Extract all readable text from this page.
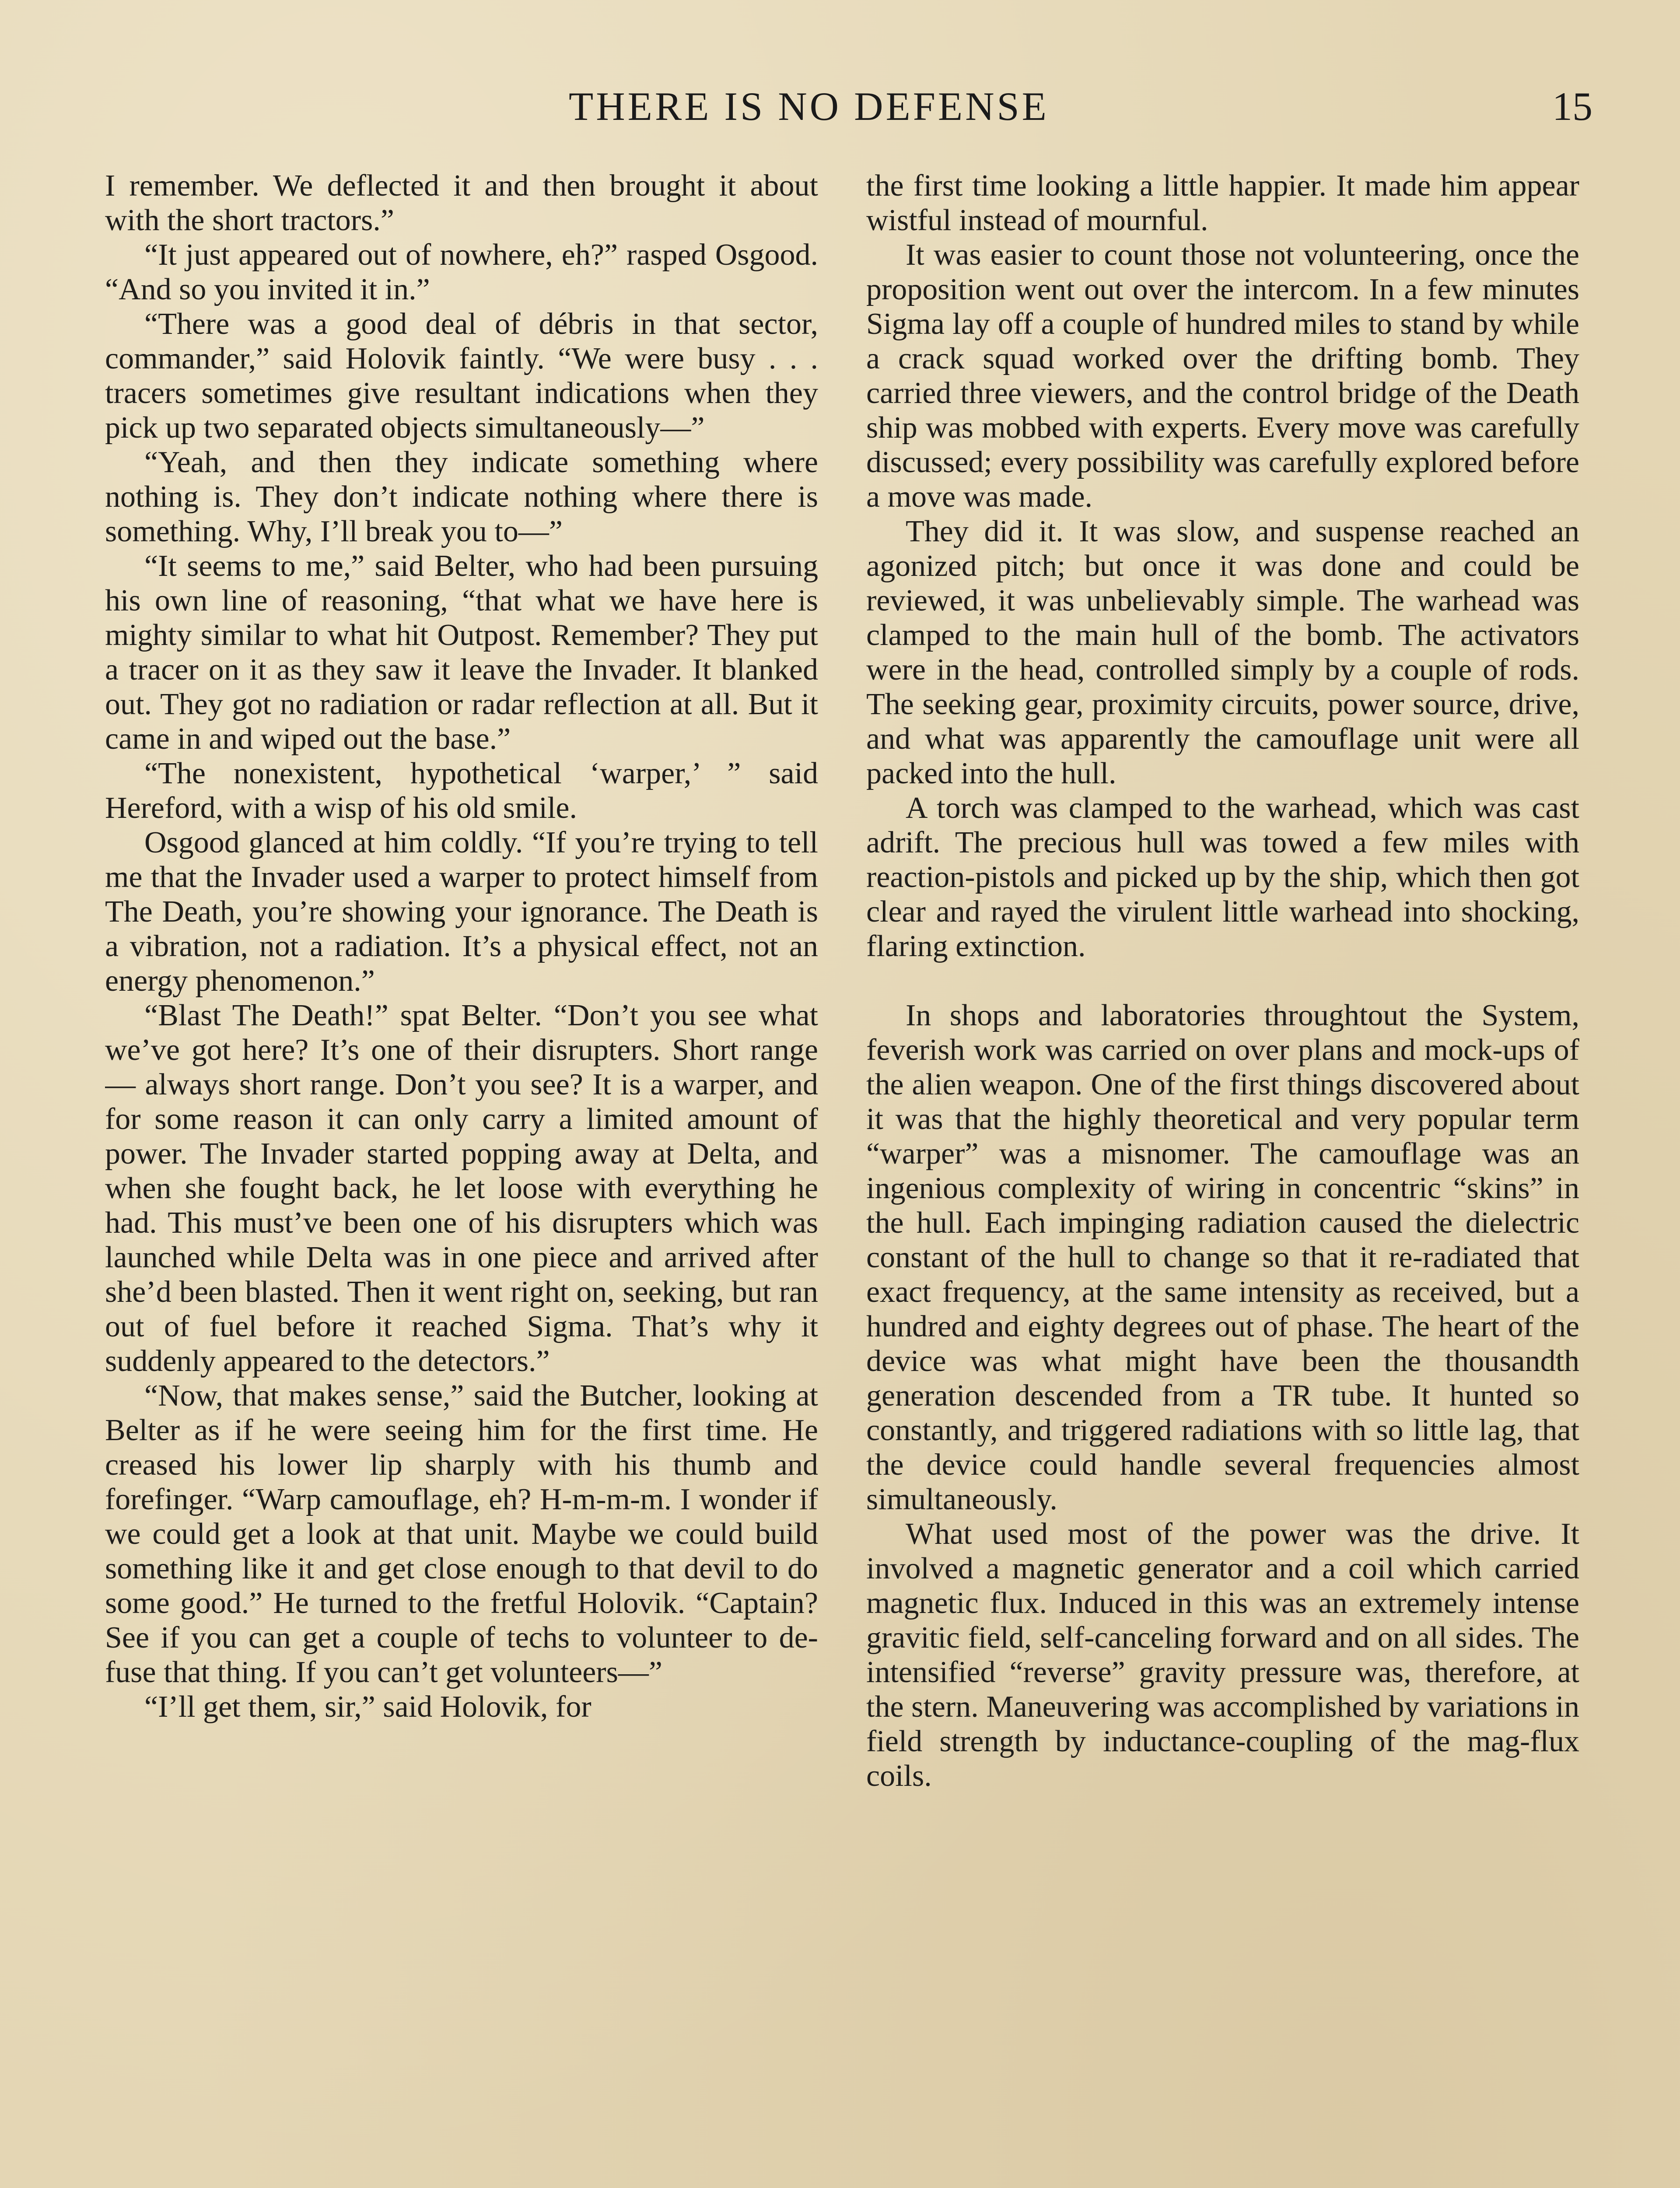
THERE IS NO DEFENSE	15

I remember. We deflected it and then brought it about with the short tractors.”

“It just appeared out of nowhere, eh?” rasped Osgood. “And so you invited it in.”

“There was a good deal of débris in that sector, commander,” said Holovik faintly. “We were busy . . . tracers sometimes give resultant indications when they pick up two separated objects simultaneously—”

“Yeah, and then they indicate something where nothing is. They don’t indicate nothing where there is something. Why, I’ll break you to—”

“It seems to me,” said Belter, who had been pursuing his own line of reasoning, “that what we have here is mighty similar to what hit Outpost. Remember? They put a tracer on it as they saw it leave the Invader. It blanked out. They got no radiation or radar reflection at all. But it came in and wiped out the base.”

“The nonexistent, hypothetical ‘warper,’ ” said Hereford, with a wisp of his old smile.

Osgood glanced at him coldly. “If you’re trying to tell me that the Invader used a warper to protect himself from The Death, you’re showing your ignorance. The Death is a vibration, not a radiation. It’s a physical effect, not an energy phenomenon.”

“Blast The Death!” spat Belter. “Don’t you see what we’ve got here? It’s one of their disrupters. Short range — always short range. Don’t you see? It is a warper, and for some reason it can only carry a limited amount of power. The Invader started popping away at Delta, and when she fought back, he let loose with everything he had. This must’ve been one of his disrupters which was launched while Delta was in one piece and arrived after she’d been blasted. Then it went right on, seeking, but ran out of fuel before it reached Sigma. That’s why it suddenly appeared to the detectors.”

“Now, that makes sense,” said the Butcher, looking at Belter as if he were seeing him for the first time. He creased his lower lip sharply with his thumb and forefinger. “Warp camouflage, eh? H-m-m-m. I wonder if we could get a look at that unit. Maybe we could build something like it and get close enough to that devil to do some good.” He turned to the fretful Holovik. “Captain? See if you can get a couple of techs to volunteer to de-fuse that thing. If you can’t get volunteers—”

“I’ll get them, sir,” said Holovik, for

the first time looking a little happier. It made him appear wistful instead of mournful.

It was easier to count those not volunteering, once the proposition went out over the intercom. In a few minutes Sigma lay off a couple of hundred miles to stand by while a crack squad worked over the drifting bomb. They carried three viewers, and the control bridge of the Death ship was mobbed with experts. Every move was carefully discussed; every possibility was carefully explored before a move was made.

They did it. It was slow, and suspense reached an agonized pitch; but once it was done and could be reviewed, it was unbelievably simple. The warhead was clamped to the main hull of the bomb. The activators were in the head, controlled simply by a couple of rods. The seeking gear, proximity circuits, power source, drive, and what was apparently the camouflage unit were all packed into the hull.

A torch was clamped to the warhead, which was cast adrift. The precious hull was towed a few miles with reaction-pistols and picked up by the ship, which then got clear and rayed the virulent little warhead into shocking, flaring extinction.

In shops and laboratories throughtout the System, feverish work was carried on over plans and mock-ups of the alien weapon. One of the first things discovered about it was that the highly theoretical and very popular term “warper” was a misnomer. The camouflage was an ingenious complexity of wiring in concentric “skins” in the hull. Each impinging radiation caused the dielectric constant of the hull to change so that it re-radiated that exact frequency, at the same intensity as received, but a hundred and eighty degrees out of phase. The heart of the device was what might have been the thousandth generation descended from a TR tube. It hunted so constantly, and triggered radiations with so little lag, that the device could handle several frequencies almost simultaneously.

What used most of the power was the drive. It involved a magnetic generator and a coil which carried magnetic flux. Induced in this was an extremely intense gravitic field, self-canceling forward and on all sides. The intensified “reverse” gravity pressure was, therefore, at the stern. Maneuvering was accomplished by variations in field strength by inductance-coupling of the mag-flux coils.
